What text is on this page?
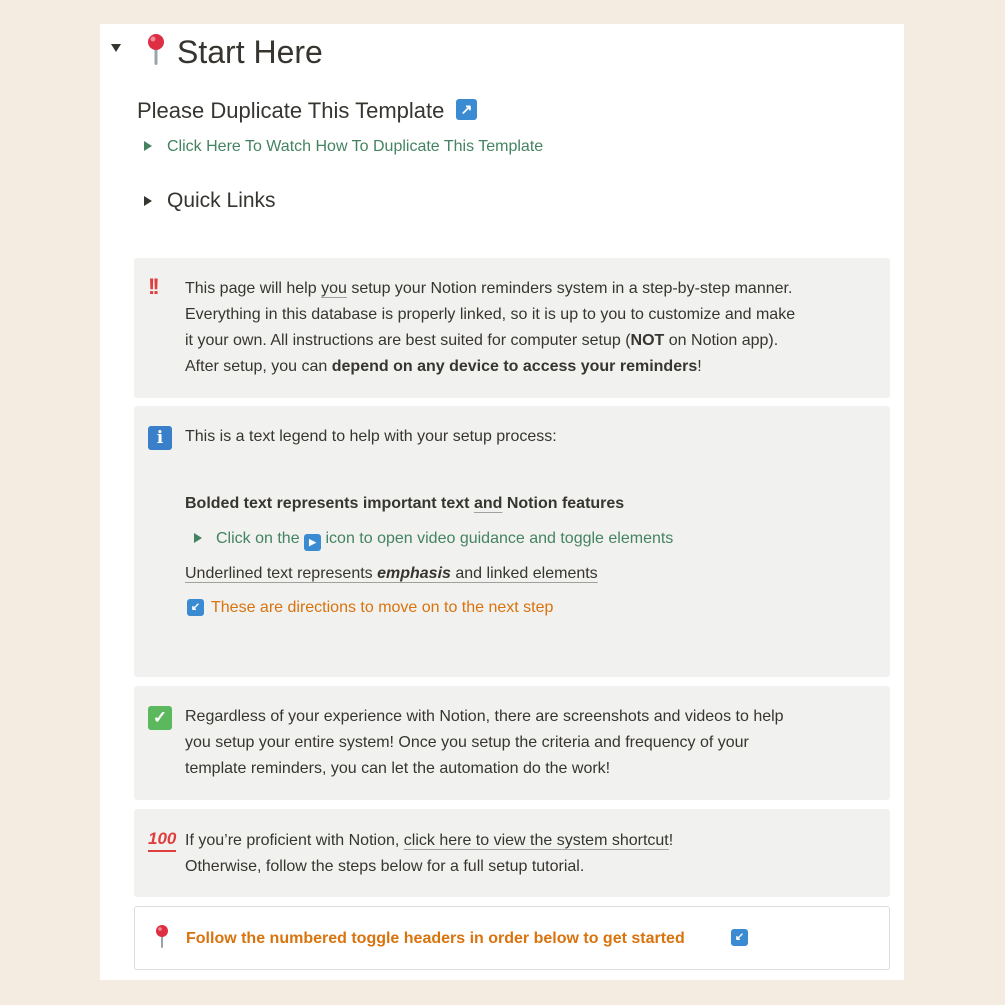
Start Here
Please Duplicate This Template	↗
Click Here To Watch How To Duplicate This Template
Quick Links
!! This page will help you setup your Notion reminders system in a step-by-step manner.
Everything in this database is properly linked, so it is up to you to customize and make
it your own. All instructions are best suited for computer setup (NOT on Notion app).
After setup, you can depend on any device to access your reminders!
i	This is a text legend to help with your setup process:
Bolded text represents important text and Notion features
Click on the ▶ icon to open video guidance and toggle elements
Underlined text represents emphasis and linked elements
↙ These are directions to move on to the next step
✓	Regardless of your experience with Notion, there are screenshots and videos to help
you setup your entire system! Once you setup the criteria and frequency of your
template reminders, you can let the automation do the work!
100 If you’re proficient with Notion, click here to view the system shortcut!
Otherwise, follow the steps below for a full setup tutorial.
Follow the numbered toggle headers in order below to get started	↙
